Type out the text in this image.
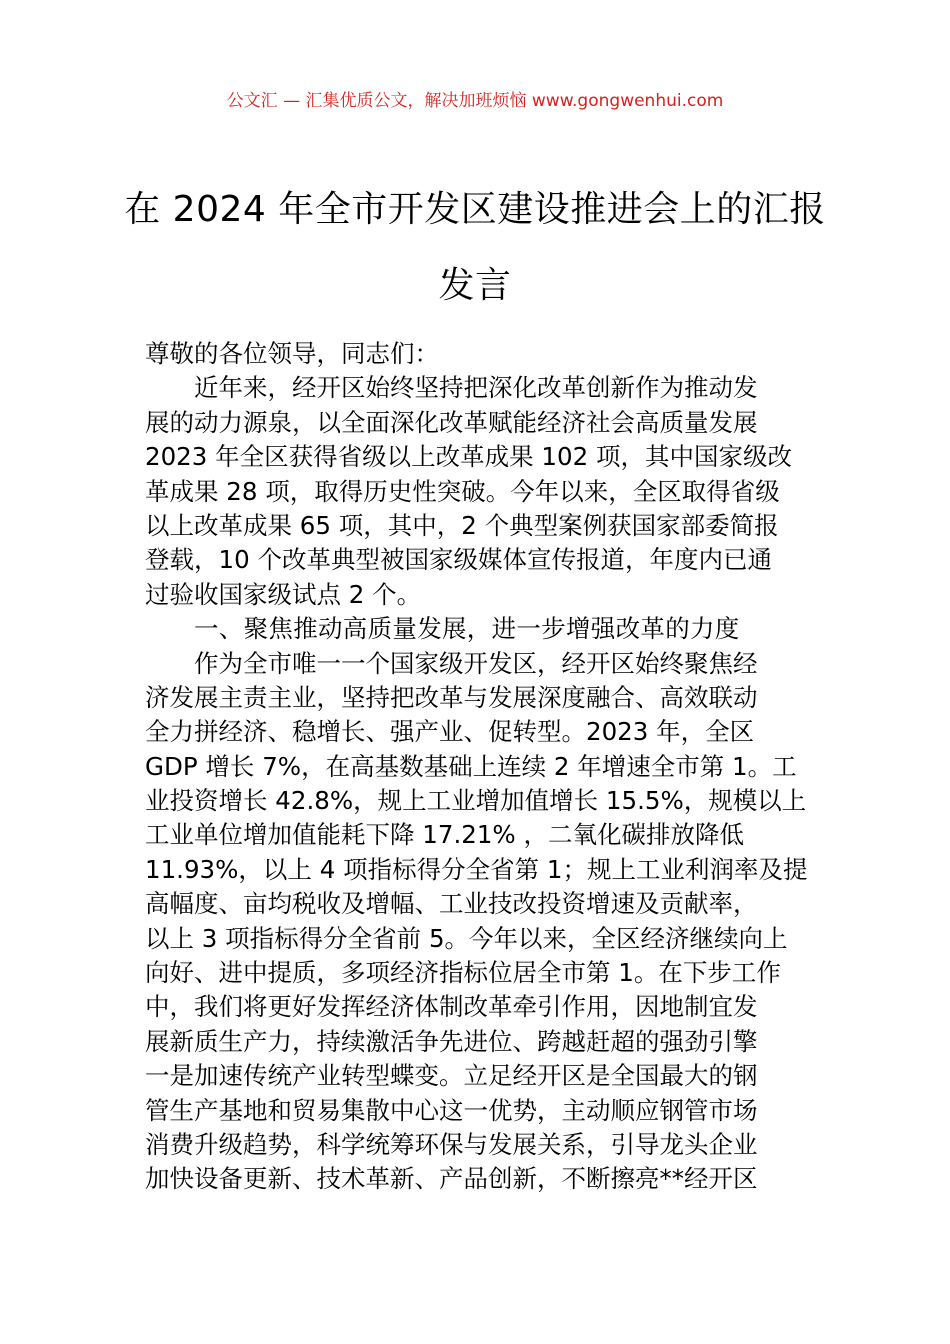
公文汇 — 汇集优质公文，解决加班烦恼 www.gongwenhui.com
在 2024 年全市开发区建设推进会上的汇报
发言
尊敬的各位领导，同志们：
近年来，经开区始终坚持把深化改革创新作为推动发
展的动力源泉，以全面深化改革赋能经济社会高质量发展
2023 年全区获得省级以上改革成果 102 项，其中国家级改
革成果 28 项，取得历史性突破。今年以来，全区取得省级
以上改革成果 65 项，其中，2 个典型案例获国家部委简报
登载，10 个改革典型被国家级媒体宣传报道，年度内已通
过验收国家级试点 2 个。
一、聚焦推动高质量发展，进一步增强改革的力度
作为全市唯一一个国家级开发区，经开区始终聚焦经
济发展主责主业，坚持把改革与发展深度融合、高效联动
全力拼经济、稳增长、强产业、促转型。2023 年，全区
GDP 增长 7%，在高基数基础上连续 2 年增速全市第 1。工
业投资增长 42.8%，规上工业增加值增长 15.5%，规模以上
工业单位增加值能耗下降 17.21% ，二氧化碳排放降低
11.93%，以上 4 项指标得分全省第 1；规上工业利润率及提
高幅度、亩均税收及增幅、工业技改投资增速及贡献率，
以上 3 项指标得分全省前 5。今年以来，全区经济继续向上
向好、进中提质，多项经济指标位居全市第 1。在下步工作
中，我们将更好发挥经济体制改革牵引作用，因地制宜发
展新质生产力，持续激活争先进位、跨越赶超的强劲引擎
一是加速传统产业转型蝶变。立足经开区是全国最大的钢
管生产基地和贸易集散中心这一优势，主动顺应钢管市场
消费升级趋势，科学统筹环保与发展关系，引导龙头企业
加快设备更新、技术革新、产品创新，不断擦亮**经开区
